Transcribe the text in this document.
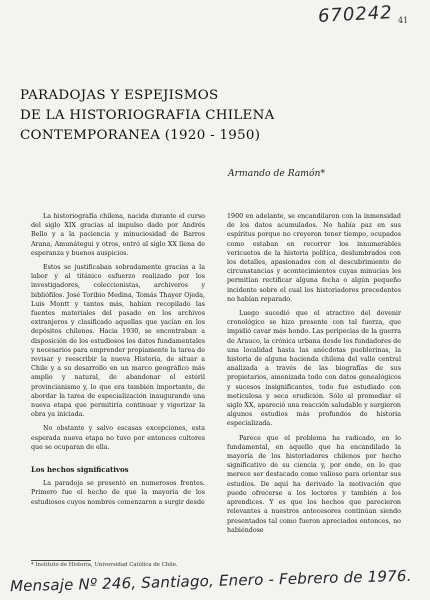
670242 41
PARADOJAS Y ESPEJISMOS
DE LA HISTORIOGRAFIA CHILENA
CONTEMPORANEA (1920 - 1950)
Armando de Ramón*

La historiografía chilena, nacida durante el curso del siglo XIX gracias al impulso dado por Andrés Bello y a la paciencia y minuciosidad de Barros Arana, Amunátegui y otros, entró al siglo XX llena de esperanza y buenos auspicios.

Estos se justificaban sobradamente gracias a la labor y al titánico esfuerzo realizado por los investigadores, coleccionistas, archiveros y bibliófilos. José Toribio Medina, Tomás Thayer Ojeda, Luis Montt y tantos más, habían recopilado las fuentes materiales del pasado en los archivos extranjeros y clasificado aquellas que yacían en los depósitos chilenos. Hacia 1930, se encontraban a disposición de los estudiosos los datos fundamentales y necesarios para emprender propiamente la tarea de revisar y reescribir la nueva Historia, de situar a Chile y a su desarrollo en un marco geográfico más amplio y natural, de abandonar el estéril provincianismo y, lo que era también importante, de abordar la tarea de especialización inaugurando una nueva etapa que permitiría continuar y vigorizar la obra ya iniciada.

No obstante y salvo escasas excepciones, esta esperada nueva etapa no tuvo por entonces cultores que se ocuparan de ella.

Los hechos significativos

La paradoja se presentó en numerosos frentes. Primero fue el hecho de que la mayoría de los estudiosos cuyos nombres comenzaron a surgir desde

1900 en adelante, se encandilaron con la inmensidad de los datos acumulados. No había paz en sus espíritus porque no creyeron tener tiempo, ocupados como estaban en recorrer los innumerables vericuetos de la historia política, deslumbrados con los detalles, apasionados con el descubrimiento de circunstancias y acontecimientos cuyas minucias les permitían rectificar alguna fecha o algún pequeño incidente sobre el cual los historiadores precedentes no habían reparado.

Luego sucedió que el atractivo del devenir cronológico se hizo presente con tal fuerza, que impidió cavar más hondo. Las peripecias de la guerra de Arauco, la crónica urbana desde los fundadores de una localidad hasta las anécdotas pueblerinas, la historia de alguna hacienda chilena del valle central analizada a través de las biografías de sus propietarios, amenizada todo con datos genealógicos y sucesos insignificantes, todo fue estudiado con meticulosa y seca erudición. Sólo al promediar el siglo XX, apareció una reacción saludable y surgieron algunos estudios más profundos de historia especializada.

Parece que el problema ha radicado, en lo fundamental, en aquello que ha encandilado la mayoría de los historiadores chilenos por hecho significativo de su ciencia y, por ende, en lo que merece ser destacado como valioso para orientar sus estudios. De aquí ha derivado la motivación que puede ofrecerse a los lectores y también a los aprendices. Y es que los hechos que parecieron relevantes a nuestros antecesores continúan siendo presentados tal como fueron apreciados entonces, no habiéndose

* Instituto de Historia, Universidad Católica de Chile.
Mensaje Nº 246, Santiago, Enero - Febrero de 1976.
